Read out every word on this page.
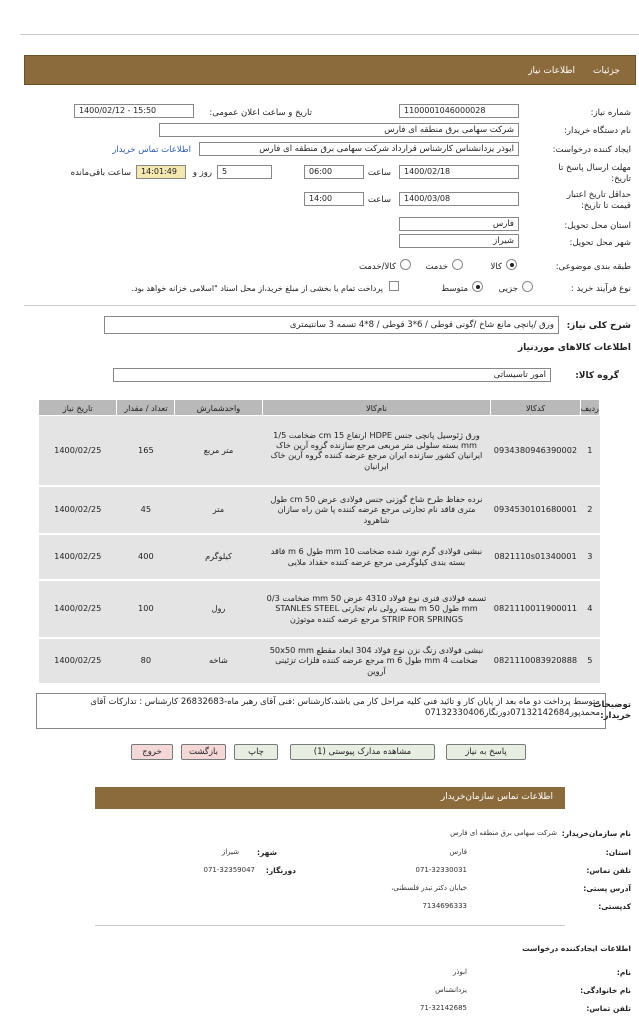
جزئیات
اطلاعات نیاز
شماره نیاز:
1100001046000028
تاریخ و ساعت اعلان عمومی:
1400/02/12 - 15:50
نام دستگاه خریدار:
شرکت سهامی برق منطقه ای فارس
ایجاد کننده درخواست:
ایوذر یزدانشناس کارشناس قرارداد شرکت سهامی برق منطقه ای فارس
اطلاعات تماس خریدار
مهلت ارسال پاسخ تا تاریخ:
1400/02/18
ساعت
06:00
5
روز و
14:01:49
ساعت باقی‌مانده
حداقل تاریخ اعتبار قیمت تا تاریخ:
1400/03/08
ساعت
14:00
استان محل تحویل:
فارس
شهر محل تحویل:
شیراز
طبقه بندی موضوعی:
کالا
خدمت
کالا/خدمت
نوع فرآیند خرید :
جزیی
متوسط
پرداخت تمام یا بخشی از مبلغ خرید،از محل اسناد "اسلامی خزانه خواهد بود.
شرح کلی نیاز:
ورق /پانچی مانع شاخ /گونی قوطی / 6*3 قوطی / 8*4 تسمه 3 سانتیمتری
اطلاعات کالاهای موردنیاز
گروه کالا:
امور تاسیساتی
ردیف	کدکالا	نام‌کالا	واحدشمارش	تعداد / مقدار	تاریخ نیاز
1	0934380946390002	ورق ژئوسیل پانچی جنس HDPE ارتفاع 15 cm ضخامت 1/5 mm بسته سلولی متر مربعی مرجع سازنده گروه آرین خاک ایرانیان کشور سازنده ایران مرجع عرضه کننده گروه آرین خاک ایرانیان	متر مربع	165	1400/02/25
2	0934530101680001	نرده حفاظ طرح شاخ گوزنی جنس فولادی عرض 50 cm طول متری فاقد نام تجارتی مرجع عرضه کننده پا شن راه سازان شاهرود	متر	45	1400/02/25
3	0821110s01340001	نبشی فولادی گرم نورد شده ضخامت 10 mm طول 6 m فاقد بسته بندی کیلوگرمی مرجع عرضه کننده حقداد ملایی	کیلوگرم	400	1400/02/25
4	0821110011900011	تسمه فولادی فنری نوع فولاد 4310 عرض 50 mm ضخامت 0/3 mm طول 50 m بسته رولی نام تجارتی STANLES STEEL STRIP FOR SPRINGS مرجع عرضه کننده موتوژن	رول	100	1400/02/25
5	0821110083920888	نبشی فولادی زنگ نزن نوع فولاد 304 ابعاد مقطع 50x50 mm ضخامت 4 mm طول 6 m مرجع عرضه کننده فلزات تزئینی آروین	شاخه	80	1400/02/25
متوسط پرداخت دو ماه بعد از پایان کار و تائید فنی کلیه مراحل کار می باشد،کارشناس :فنی آقای رهبر ماه-26832683 کارشناس : تدارکات آقای محمدپور07132142684دورنگار07132330406
توضیحات خریدار:
پاسخ به نیاز
مشاهده مدارک پیوستی (1)
چاپ
بازگشت
خروج
اطلاعات تماس سازمان‌خریدار
نام سازمان‌خریدار:
شرکت سهامی برق منطقه ای فارس
استان:
فارس
شهر:
شیراز
تلفن تماس:
071-32330031
دورنگار:
071-32359047
آدرس پستی:
خیابان دکتر تبدر فلسطنی،
کدپستی:
7134696333
اطلاعات ایجادکننده درخواست
نام:
ابوذر
نام خانوادگی:
یزدانشناس
تلفن تماس:
71-32142685
